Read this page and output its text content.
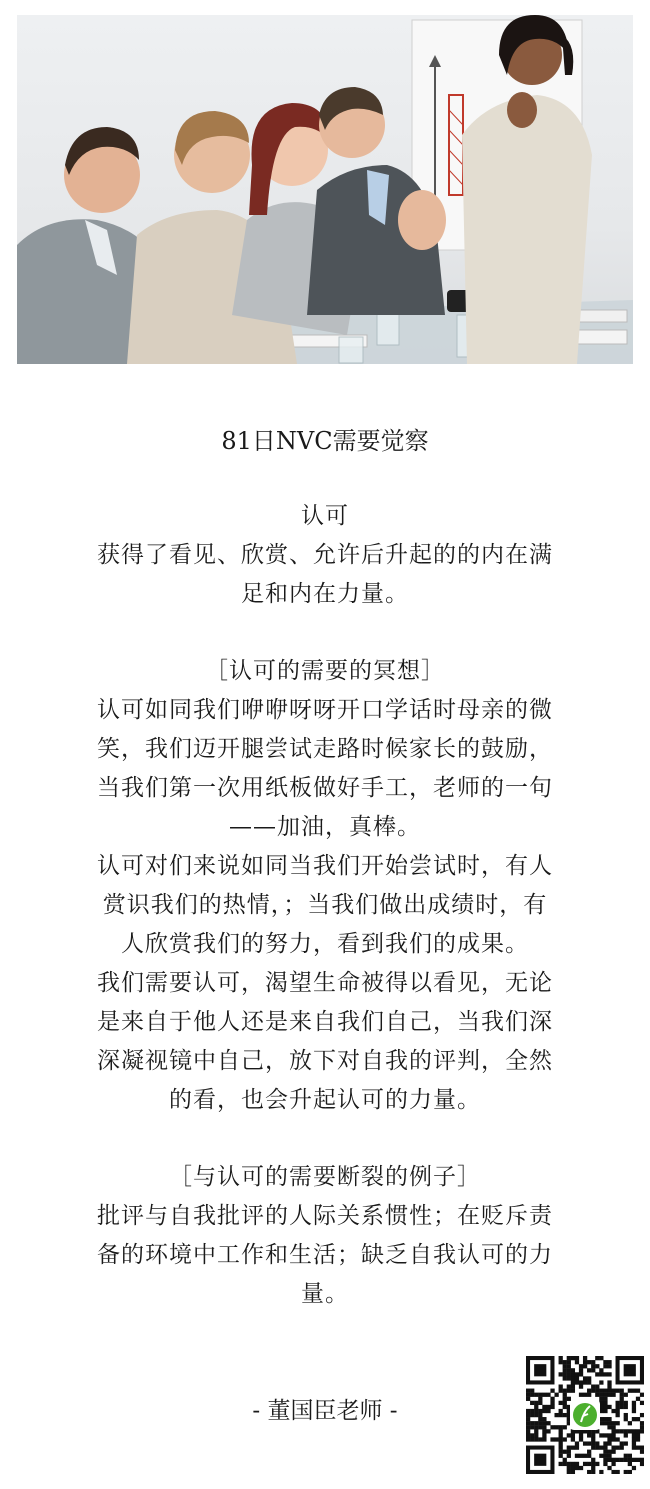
81日NVC需要觉察

认可

获得了看见、欣赏、允许后升起的的内在满

足和内在力量。

［认可的需要的冥想］

认可如同我们咿咿呀呀开口学话时母亲的微

笑，我们迈开腿尝试走路时候家长的鼓励，

当我们第一次用纸板做好手工，老师的一句

——加油，真棒。

认可对们来说如同当我们开始尝试时，有人

赏识我们的热情，；当我们做出成绩时，有

人欣赏我们的努力，看到我们的成果。

我们需要认可，渴望生命被得以看见，无论

是来自于他人还是来自我们自己，当我们深

深凝视镜中自己，放下对自我的评判，全然

的看，也会升起认可的力量。

［与认可的需要断裂的例子］

批评与自我批评的人际关系惯性；在贬斥责

备的环境中工作和生活；缺乏自我认可的力

量。

- 董国臣老师 -
